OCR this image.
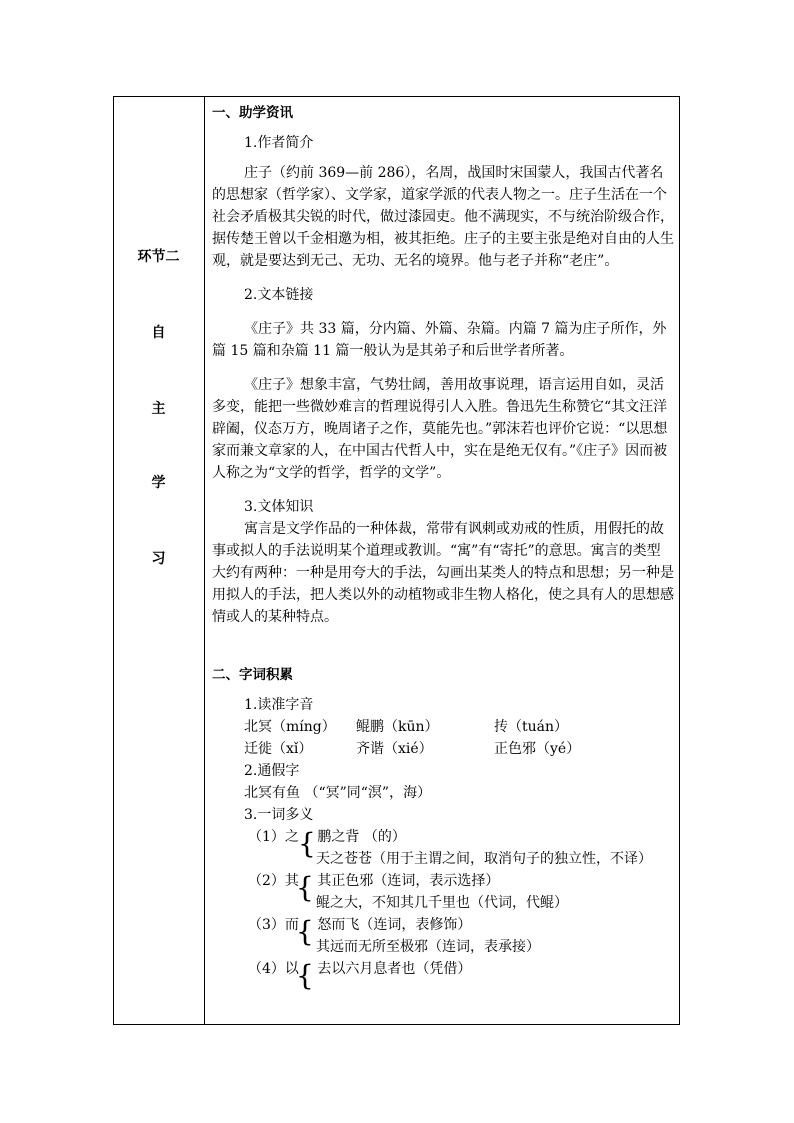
环节二
自
主
学
习

一、助学资讯

1.作者简介

庄子（约前 369—前 286），名周，战国时宋国蒙人，我国古代著名的思想家（哲学家）、文学家，道家学派的代表人物之一。庄子生活在一个社会矛盾极其尖锐的时代，做过漆园吏。他不满现实，不与统治阶级合作，据传楚王曾以千金相邀为相，被其拒绝。庄子的主要主张是绝对自由的人生观，就是要达到无己、无功、无名的境界。他与老子并称“老庄”。

2.文本链接

《庄子》共 33 篇，分内篇、外篇、杂篇。内篇 7 篇为庄子所作，外篇 15 篇和杂篇 11 篇一般认为是其弟子和后世学者所著。

《庄子》想象丰富，气势壮阔，善用故事说理，语言运用自如，灵活多变，能把一些微妙难言的哲理说得引人入胜。鲁迅先生称赞它“其文汪洋辟阖，仪态万方，晚周诸子之作，莫能先也。”郭沫若也评价它说：“以思想家而兼文章家的人，在中国古代哲人中，实在是绝无仅有。”《庄子》因而被人称之为“文学的哲学，哲学的文学”。

3.文体知识

寓言是文学作品的一种体裁，常带有讽刺或劝戒的性质，用假托的故事或拟人的手法说明某个道理或教训。“寓”有“寄托”的意思。寓言的类型大约有两种：一种是用夸大的手法，勾画出某类人的特点和思想；另一种是用拟人的手法，把人类以外的动植物或非生物人格化，使之具有人的思想感情或人的某种特点。

二、字词积累

1.读准字音

北冥（míng）	鲲鹏（kūn）	抟（tuán）
迁徙（xǐ）	齐谐（xié）	正色邪（yé）

2.通假字

北冥有鱼 （“冥”同“溟”，海）

3.一词多义

（1）之 鹏之背 （的）
{ 天之苍苍（用于主谓之间，取消句子的独立性，不译）
（2）其 其正色邪（连词，表示选择）
{ 鲲之大，不知其几千里也（代词，代鲲）
（3）而 怒而飞（连词，表修饰）
{ 其远而无所至极邪（连词，表承接）
（4）以 去以六月息者也（凭借）
{
